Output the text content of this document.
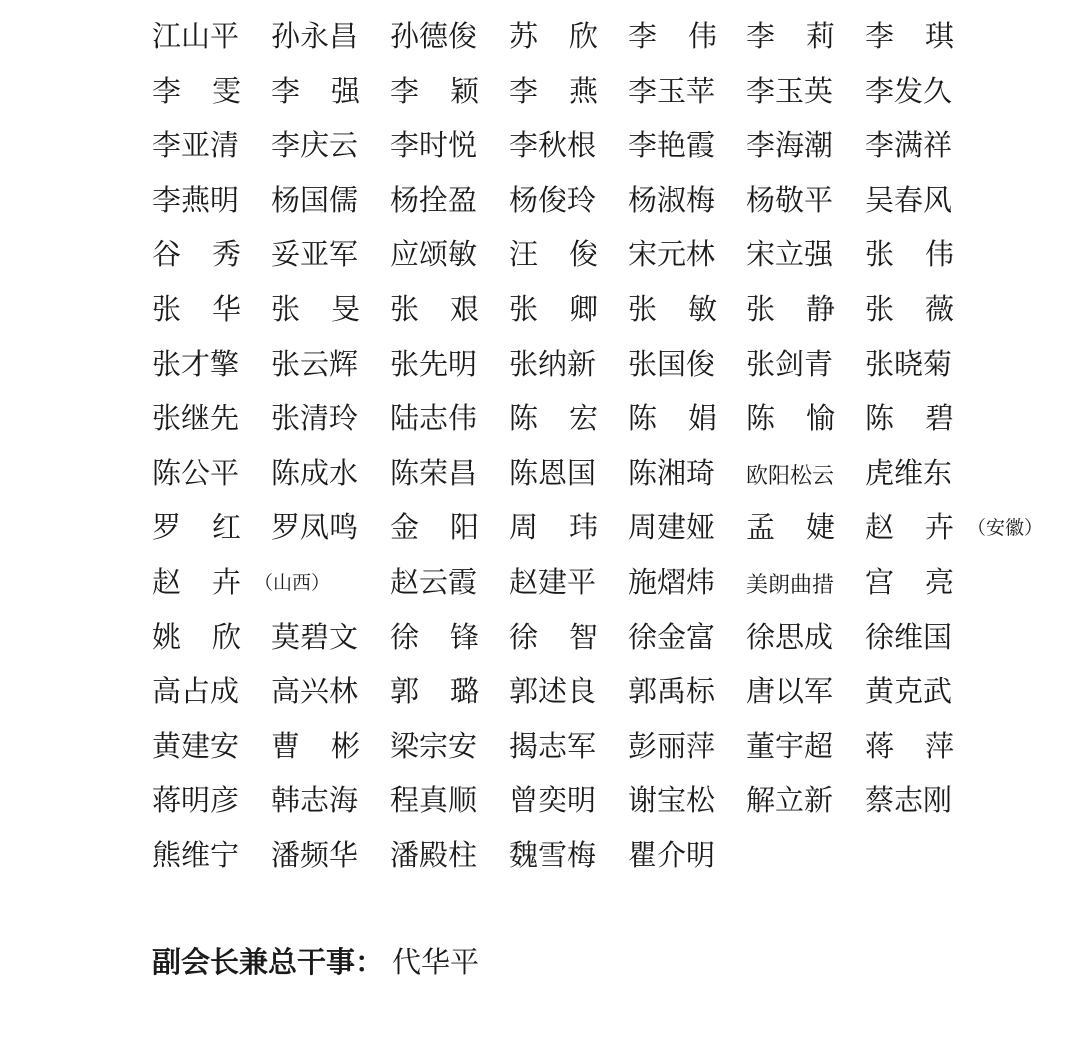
江山平 孙永昌 孙德俊 苏 欣 李 伟 李 莉 李 琪
李 雯 李 强 李 颖 李 燕 李玉苹 李玉英 李发久
李亚清 李庆云 李时悦 李秋根 李艳霞 李海潮 李满祥
李燕明 杨国儒 杨拴盈 杨俊玲 杨淑梅 杨敬平 吴春风
谷 秀 妥亚军 应颂敏 汪 俊 宋元林 宋立强 张 伟
张 华 张 旻 张 艰 张 卿 张 敏 张 静 张 薇
张才擎 张云辉 张先明 张纳新 张国俊 张剑青 张晓菊
张继先 张清玲 陆志伟 陈 宏 陈 娟 陈 愉 陈 碧
陈公平 陈成水 陈荣昌 陈恩国 陈湘琦 欧阳松云 虎维东
罗 红 罗凤鸣 金 阳 周 玮 周建娅 孟 婕 赵 卉 （安徽）
赵 卉 （山西） 赵云霞 赵建平 施熠炜 美朗曲措 宫 亮
姚 欣 莫碧文 徐 锋 徐 智 徐金富 徐思成 徐维国
高占成 高兴林 郭 璐 郭述良 郭禹标 唐以军 黄克武
黄建安 曹 彬 梁宗安 揭志军 彭丽萍 董宇超 蒋 萍
蒋明彦 韩志海 程真顺 曾奕明 谢宝松 解立新 蔡志刚
熊维宁 潘频华 潘殿柱 魏雪梅 瞿介明
副会长兼总干事： 代华平
